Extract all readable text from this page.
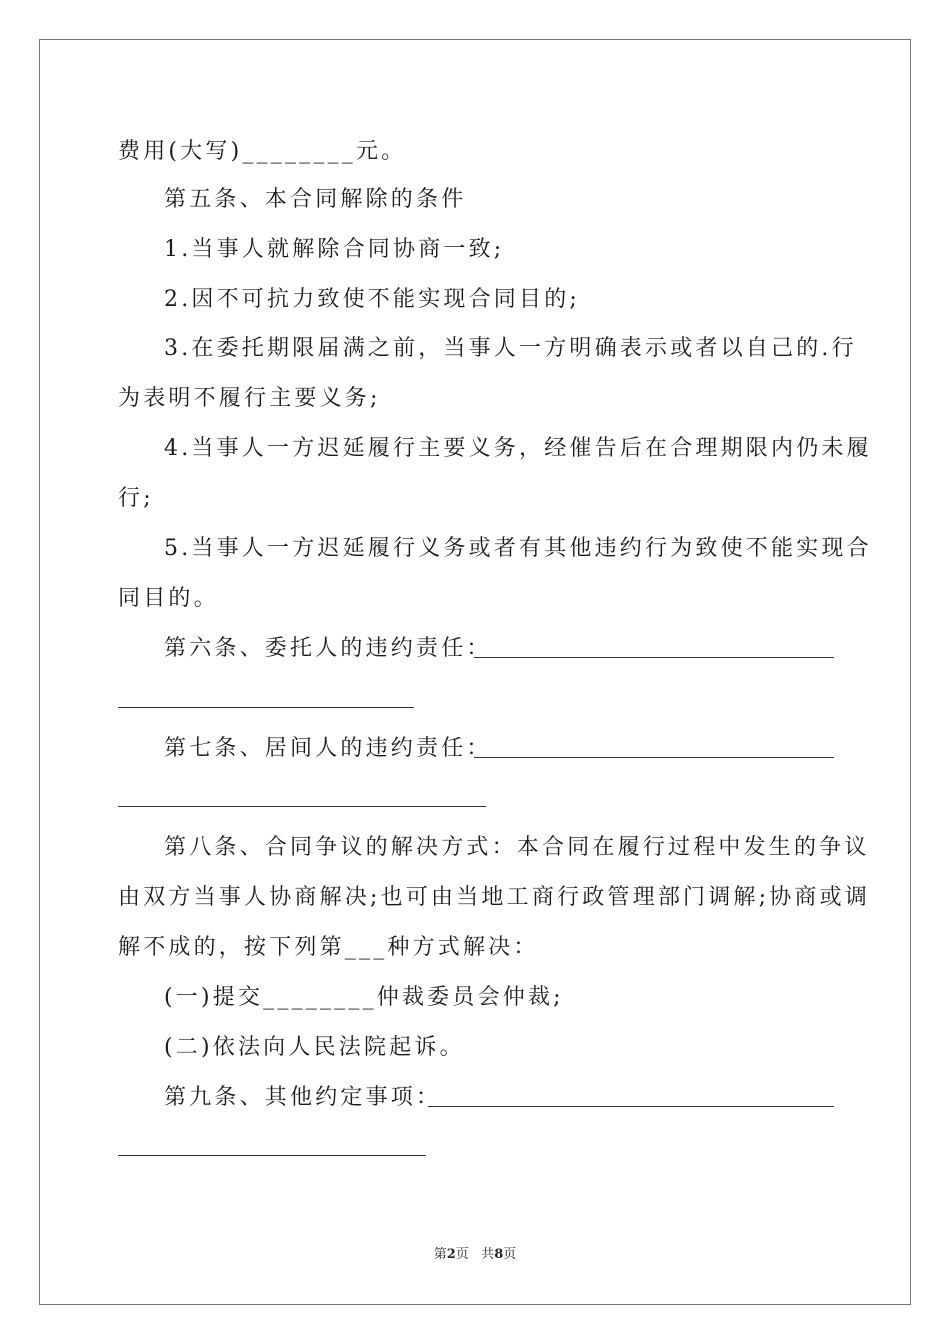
费用(大写)________元。
第五条、本合同解除的条件
1.当事人就解除合同协商一致;
2.因不可抗力致使不能实现合同目的;
3.在委托期限届满之前，当事人一方明确表示或者以自己的.行
为表明不履行主要义务;
4.当事人一方迟延履行主要义务，经催告后在合理期限内仍未履
行;
5.当事人一方迟延履行义务或者有其他违约行为致使不能实现合
同目的。
第六条、委托人的违约责任：
第七条、居间人的违约责任：
第八条、合同争议的解决方式：本合同在履行过程中发生的争议
由双方当事人协商解决;也可由当地工商行政管理部门调解;协商或调
解不成的，按下列第___种方式解决：
(一)提交________仲裁委员会仲裁;
(二)依法向人民法院起诉。
第九条、其他约定事项：
第2页 共8页
